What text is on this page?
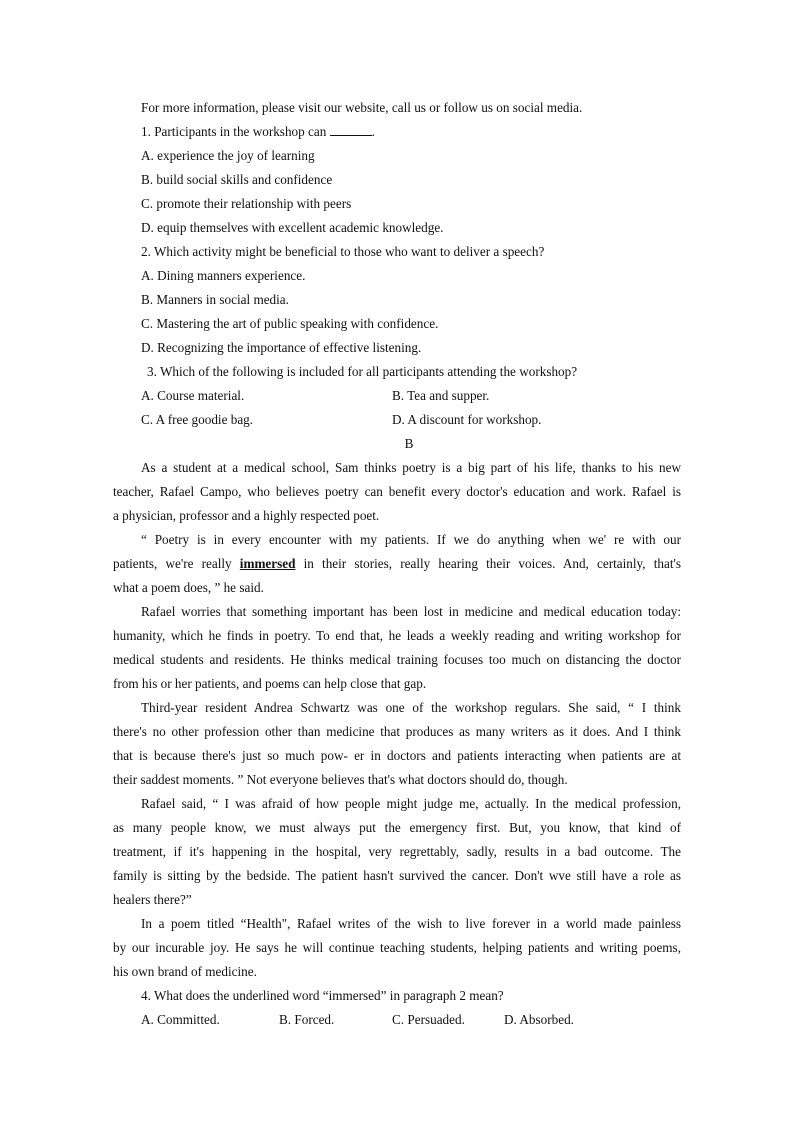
For more information, please visit our website, call us or follow us on social media.
1. Participants in the workshop can	.
A. experience the joy of learning
B. build social skills and confidence
C. promote their relationship with peers
D. equip themselves with excellent academic knowledge.
2. Which activity might be beneficial to those who want to deliver a speech?
A. Dining manners experience.
B. Manners in social media.
C. Mastering the art of public speaking with confidence.
D. Recognizing the importance of effective listening.
3. Which of the following is included for all participants attending the workshop?
A. Course material.	B. Tea and supper.
C. A free goodie bag.	D. A discount for workshop.
B
As a student at a medical school, Sam thinks poetry is a big part of his life, thanks to his new
teacher, Rafael Campo, who believes poetry can benefit every doctor's education and work. Rafael is
a physician, professor and a highly respected poet.
“ Poetry is in every encounter with my patients. If we do anything when we' re with our
patients, we're really immersed in their stories, really hearing their voices. And, certainly, that's
what a poem does, ” he said.
Rafael worries that something important has been lost in medicine and medical education today:
humanity, which he finds in poetry. To end that, he leads a weekly reading and writing workshop for
medical students and residents. He thinks medical training focuses too much on distancing the doctor
from his or her patients, and poems can help close that gap.
Third-year resident Andrea Schwartz was one of the workshop regulars. She said, “ I think
there's no other profession other than medicine that produces as many writers as it does. And I think
that is because there's just so much pow- er in doctors and patients interacting when patients are at
their saddest moments. ” Not everyone believes that's what doctors should do, though.
Rafael said, “ I was afraid of how people might judge me, actually. In the medical profession,
as many people know, we must always put the emergency first. But, you know, that kind of
treatment, if it's happening in the hospital, very regrettably, sadly, results in a bad outcome. The
family is sitting by the bedside. The patient hasn't survived the cancer. Don't wve still have a role as
healers there?”
In a poem titled “Health", Rafael writes of the wish to live forever in a world made painless
by our incurable joy. He says he will continue teaching students, helping patients and writing poems,
his own brand of medicine.
4. What does the underlined word “immersed” in paragraph 2 mean?
A. Committed.	B. Forced.	C. Persuaded.	D. Absorbed.
